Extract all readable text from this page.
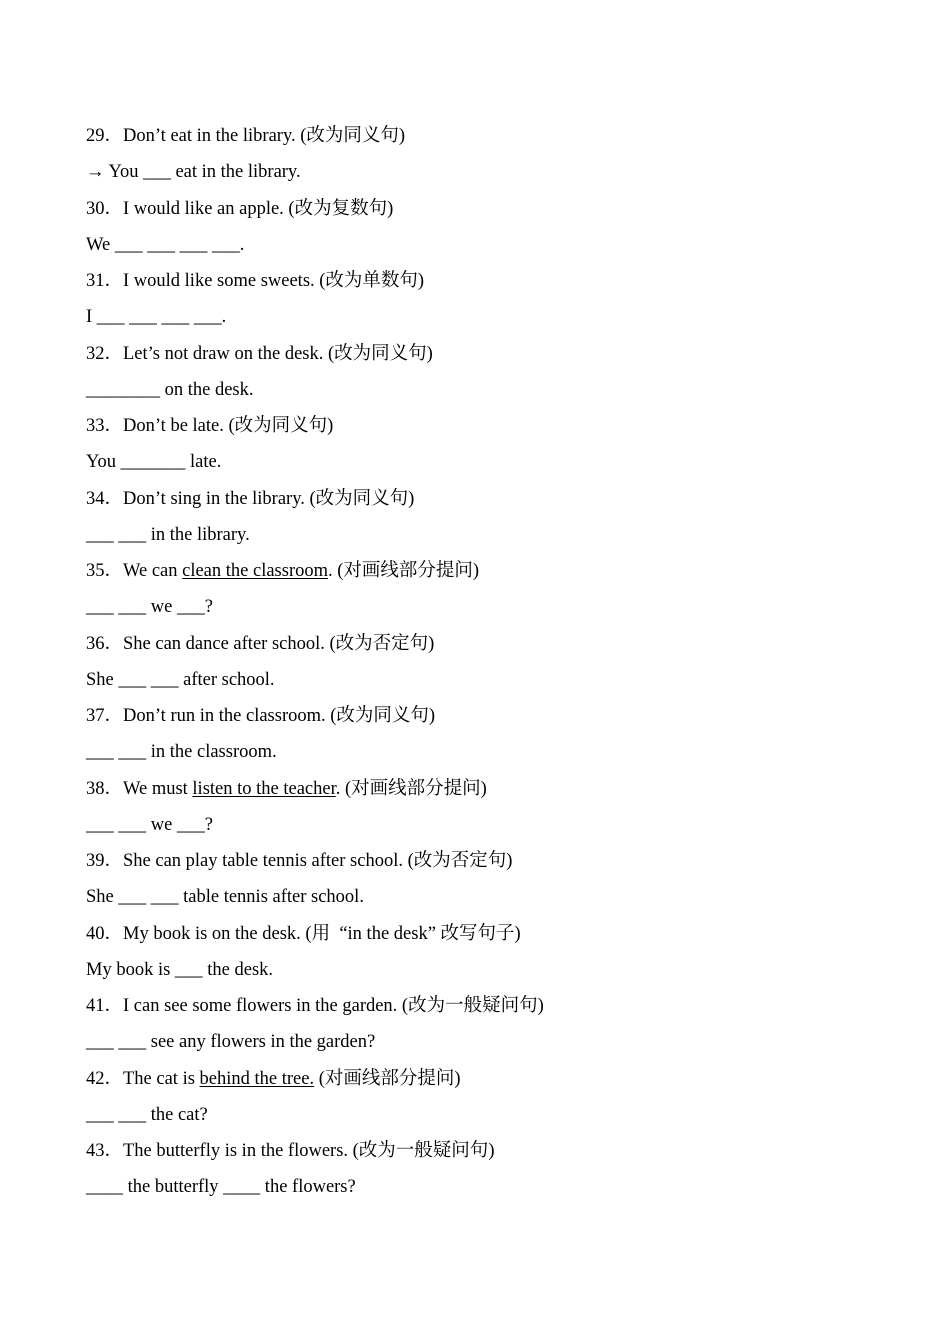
29．Don’t eat in the library. (改为同义句)
→ You ___ eat in the library.
30．I would like an apple. (改为复数句)
We ___ ___ ___ ___.
31．I would like some sweets. (改为单数句)
I ___ ___ ___ ___.
32．Let’s not draw on the desk. (改为同义句)
________ on the desk.
33．Don’t be late. (改为同义句)
You _______ late.
34．Don’t sing in the library. (改为同义句)
___ ___ in the library.
35．We can clean the classroom. (对画线部分提问)
___ ___ we ___?
36．She can dance after school. (改为否定句)
She ___ ___ after school.
37．Don’t run in the classroom. (改为同义句)
___ ___ in the classroom.
38．We must listen to the teacher. (对画线部分提问)
___ ___ we ___?
39．She can play table tennis after school. (改为否定句)
She ___ ___ table tennis after school.
40．My book is on the desk. (用  “in the desk” 改写句子)
My book is ___ the desk.
41．I can see some flowers in the garden. (改为一般疑问句)
___ ___ see any flowers in the garden?
42．The cat is behind the tree. (对画线部分提问)
___ ___ the cat?
43．The butterfly is in the flowers. (改为一般疑问句)
____ the butterfly ____ the flowers?
